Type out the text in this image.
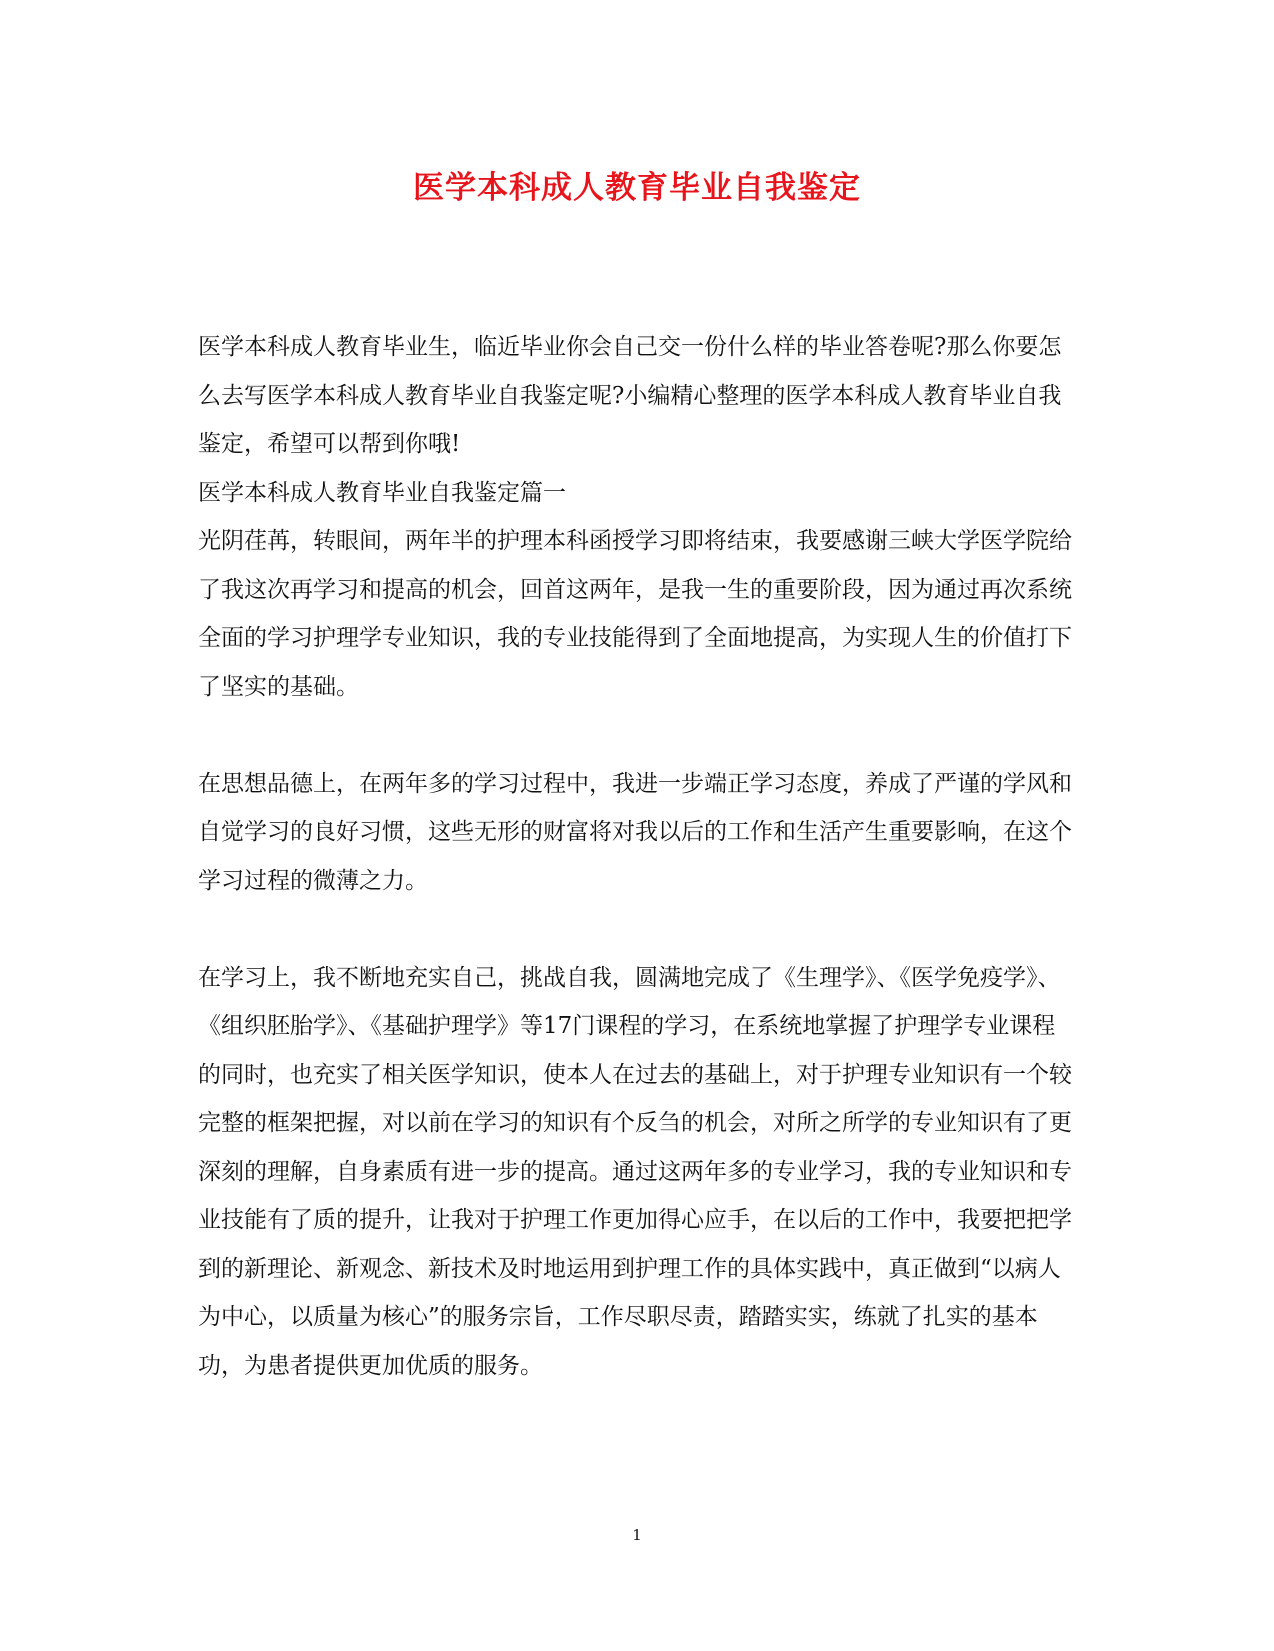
医学本科成人教育毕业自我鉴定

医学本科成人教育毕业生，临近毕业你会自己交一份什么样的毕业答卷呢?那么你要怎么去写医学本科成人教育毕业自我鉴定呢?小编精心整理的医学本科成人教育毕业自我鉴定，希望可以帮到你哦!

医学本科成人教育毕业自我鉴定篇一

光阴荏苒，转眼间，两年半的护理本科函授学习即将结束，我要感谢三峡大学医学院给了我这次再学习和提高的机会，回首这两年，是我一生的重要阶段，因为通过再次系统全面的学习护理学专业知识，我的专业技能得到了全面地提高，为实现人生的价值打下了坚实的基础。

在思想品德上，在两年多的学习过程中，我进一步端正学习态度，养成了严谨的学风和自觉学习的良好习惯，这些无形的财富将对我以后的工作和生活产生重要影响，在这个学习过程的微薄之力。

在学习上，我不断地充实自己，挑战自我，圆满地完成了《生理学》、《医学免疫学》、《组织胚胎学》、《基础护理学》等17门课程的学习，在系统地掌握了护理学专业课程的同时，也充实了相关医学知识，使本人在过去的基础上，对于护理专业知识有一个较完整的框架把握，对以前在学习的知识有个反刍的机会，对所之所学的专业知识有了更深刻的理解，自身素质有进一步的提高。通过这两年多的专业学习，我的专业知识和专业技能有了质的提升，让我对于护理工作更加得心应手，在以后的工作中，我要把把学到的新理论、新观念、新技术及时地运用到护理工作的具体实践中，真正做到“以病人为中心，以质量为核心”的服务宗旨，工作尽职尽责，踏踏实实，练就了扎实的基本功，为患者提供更加优质的服务。

1
